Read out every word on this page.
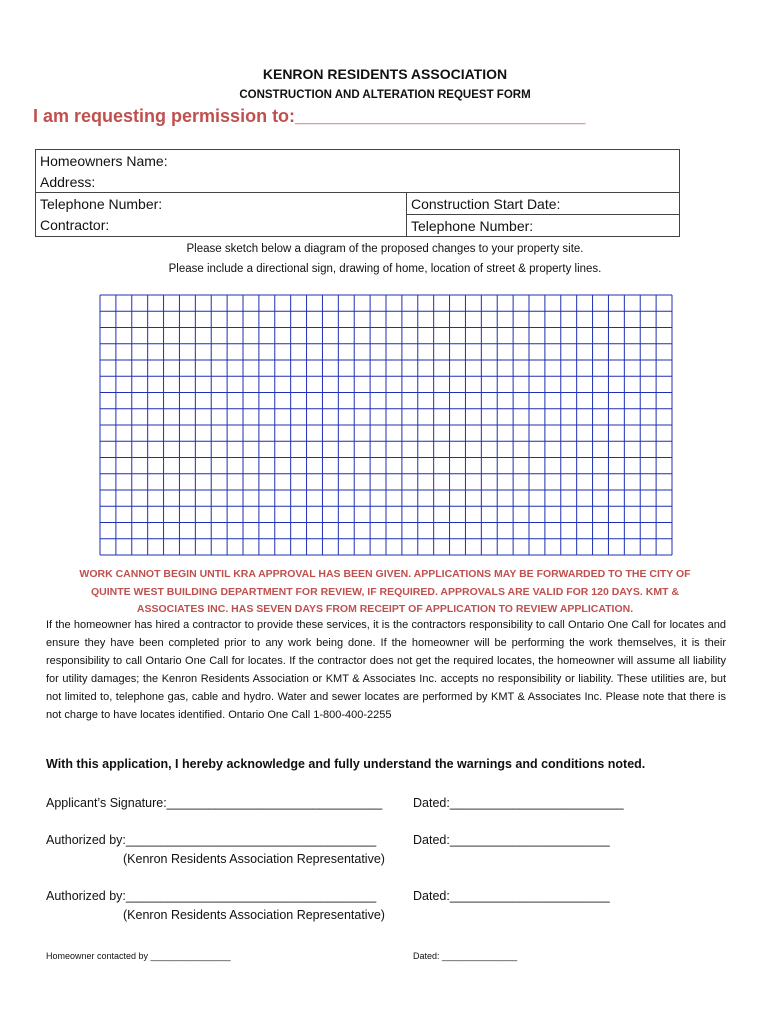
KENRON RESIDENTS ASSOCIATION
CONSTRUCTION AND ALTERATION REQUEST FORM
I am requesting permission to:_____________________________
Homeowners Name:	
Address:	
Telephone Number:	Construction Start Date:
Contractor:	Telephone Number:
Please sketch below a diagram of the proposed changes to your property site.
Please include a directional sign, drawing of home, location of street & property lines.
WORK CANNOT BEGIN UNTIL KRA APPROVAL HAS BEEN GIVEN. APPLICATIONS MAY BE FORWARDED TO THE CITY OF
QUINTE WEST BUILDING DEPARTMENT FOR REVIEW, IF REQUIRED. APPROVALS ARE VALID FOR 120 DAYS. KMT &
ASSOCIATES INC. HAS SEVEN DAYS FROM RECEIPT OF APPLICATION TO REVIEW APPLICATION.
If the homeowner has hired a contractor to provide these services, it is the contractors responsibility to call Ontario One Call for locates and ensure they have been completed prior to any work being done. If the homeowner will be performing the work themselves, it is their responsibility to call Ontario One Call for locates. If the contractor does not get the required locates, the homeowner will assume all liability for utility damages; the Kenron Residents Association or KMT & Associates Inc. accepts no responsibility or liability. These utilities are, but not limited to, telephone gas, cable and hydro. Water and sewer locates are performed by KMT & Associates Inc. Please note that there is not charge to have locates identified. Ontario One Call 1-800-400-2255
With this application, I hereby acknowledge and fully understand the warnings and conditions noted.
Applicant’s Signature:_______________________________ Dated:_________________________
Authorized by:____________________________________	Dated:_______________________
(Kenron Residents Association Representative)
Authorized by:____________________________________	Dated:_______________________
(Kenron Residents Association Representative)
Homeowner contacted by ________________	Dated: _______________
